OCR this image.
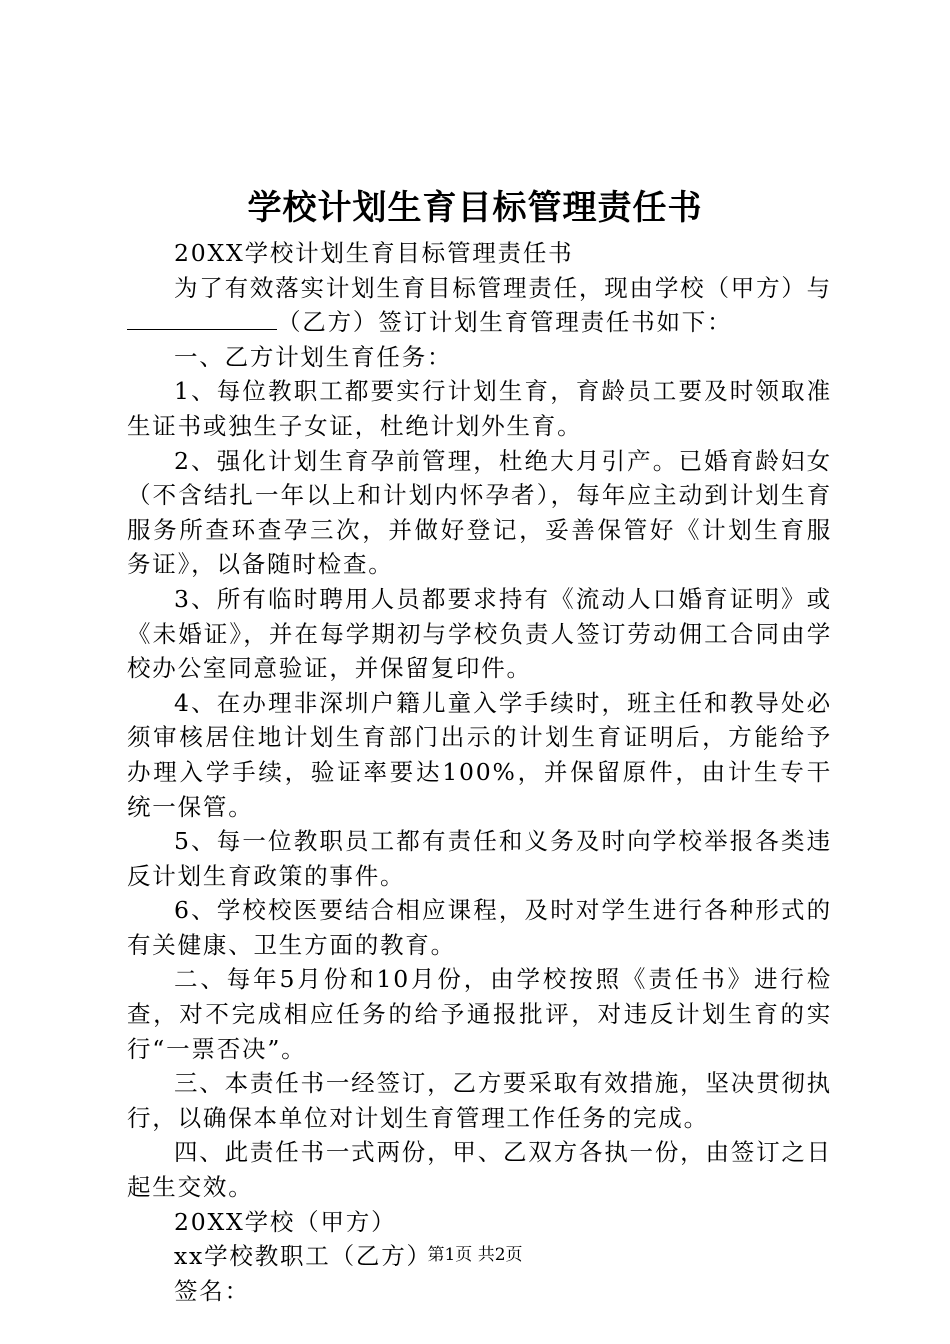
学校计划生育目标管理责任书

20XX学校计划生育目标管理责任书

为了有效落实计划生育目标管理责任，现由学校（甲方）与（乙方）签订计划生育管理责任书如下：

一、乙方计划生育任务：

1、每位教职工都要实行计划生育，育龄员工要及时领取准生证书或独生子女证，杜绝计划外生育。

2、强化计划生育孕前管理，杜绝大月引产。已婚育龄妇女（不含结扎一年以上和计划内怀孕者），每年应主动到计划生育服务所查环查孕三次，并做好登记，妥善保管好《计划生育服务证》，以备随时检查。

3、所有临时聘用人员都要求持有《流动人口婚育证明》或《未婚证》，并在每学期初与学校负责人签订劳动佣工合同由学校办公室同意验证，并保留复印件。

4、在办理非深圳户籍儿童入学手续时，班主任和教导处必须审核居住地计划生育部门出示的计划生育证明后，方能给予办理入学手续，验证率要达100%，并保留原件，由计生专干统一保管。

5、每一位教职员工都有责任和义务及时向学校举报各类违反计划生育政策的事件。

6、学校校医要结合相应课程，及时对学生进行各种形式的有关健康、卫生方面的教育。

二、每年5月份和10月份，由学校按照《责任书》进行检查，对不完成相应任务的给予通报批评，对违反计划生育的实行“一票否决”。

三、本责任书一经签订，乙方要采取有效措施，坚决贯彻执行，以确保本单位对计划生育管理工作任务的完成。

四、此责任书一式两份，甲、乙双方各执一份，由签订之日起生交效。

20XX学校（甲方）

xx学校教职工（乙方）

签名：

第1页 共2页
